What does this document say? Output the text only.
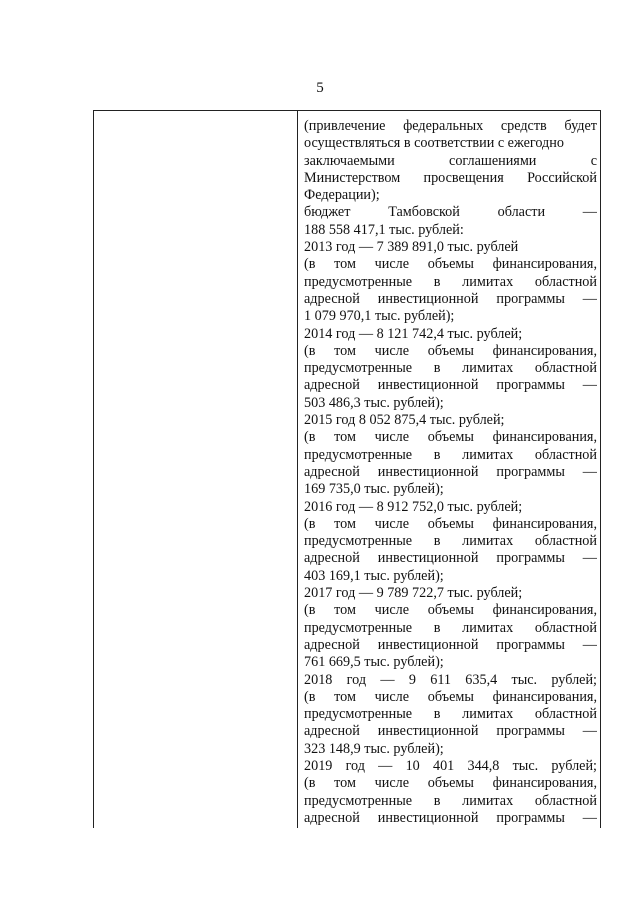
5
(привлечение федеральных средств будет
осуществляться в соответствии с ежегодно
заключаемыми соглашениями с
Министерством просвещения Российской
Федерации);
бюджет Тамбовской области —
188 558 417,1 тыс. рублей:
2013 год — 7 389 891,0 тыс. рублей
(в том числе объемы финансирования,
предусмотренные в лимитах областной
адресной инвестиционной программы —
1 079 970,1 тыс. рублей);
2014 год — 8 121 742,4 тыс. рублей;
(в том числе объемы финансирования,
предусмотренные в лимитах областной
адресной инвестиционной программы —
503 486,3 тыс. рублей);
2015 год 8 052 875,4 тыс. рублей;
(в том числе объемы финансирования,
предусмотренные в лимитах областной
адресной инвестиционной программы —
169 735,0 тыс. рублей);
2016 год — 8 912 752,0 тыс. рублей;
(в том числе объемы финансирования,
предусмотренные в лимитах областной
адресной инвестиционной программы —
403 169,1 тыс. рублей);
2017 год — 9 789 722,7 тыс. рублей;
(в том числе объемы финансирования,
предусмотренные в лимитах областной
адресной инвестиционной программы —
761 669,5 тыс. рублей);
2018 год — 9 611 635,4 тыс. рублей;
(в том числе объемы финансирования,
предусмотренные в лимитах областной
адресной инвестиционной программы —
323 148,9 тыс. рублей);
2019 год — 10 401 344,8 тыс. рублей;
(в том числе объемы финансирования,
предусмотренные в лимитах областной
адресной инвестиционной программы —
